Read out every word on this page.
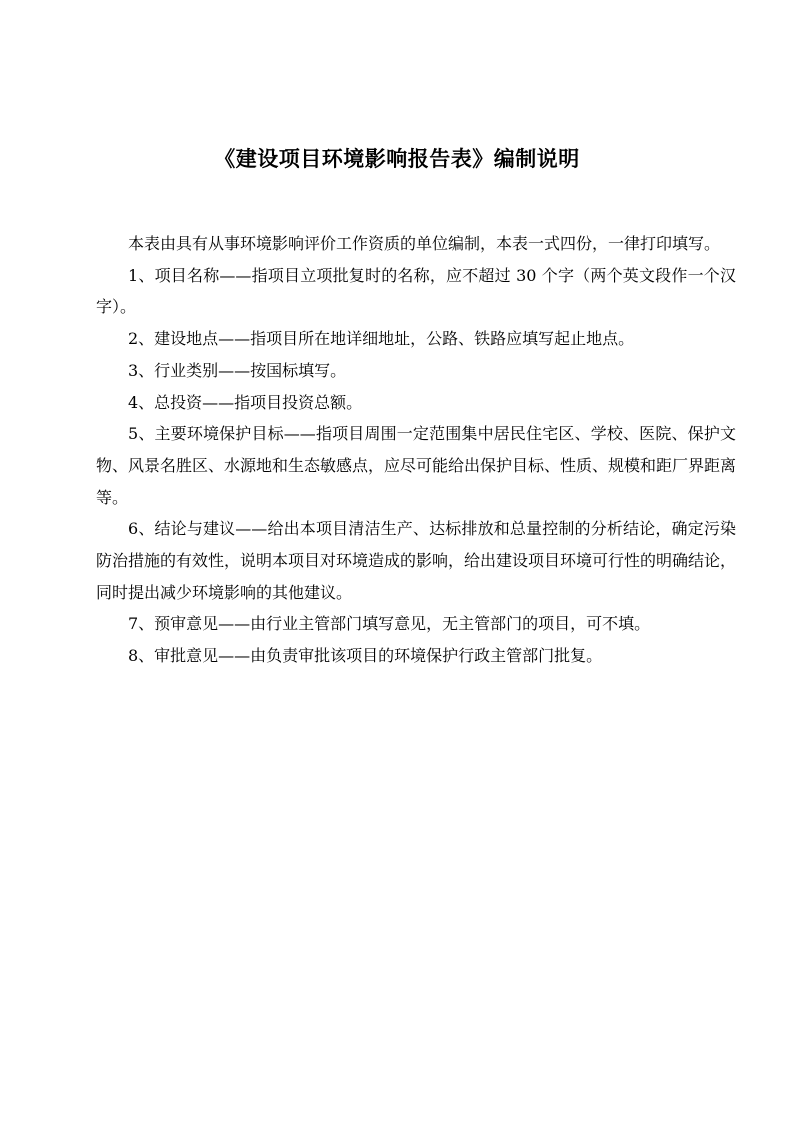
《建设项目环境影响报告表》编制说明

本表由具有从事环境影响评价工作资质的单位编制，本表一式四份，一律打印填写。

1、项目名称——指项目立项批复时的名称，应不超过 30 个字（两个英文段作一个汉字）。

2、建设地点——指项目所在地详细地址，公路、铁路应填写起止地点。

3、行业类别——按国标填写。

4、总投资——指项目投资总额。

5、主要环境保护目标——指项目周围一定范围集中居民住宅区、学校、医院、保护文物、风景名胜区、水源地和生态敏感点，应尽可能给出保护目标、性质、规模和距厂界距离等。

6、结论与建议——给出本项目清洁生产、达标排放和总量控制的分析结论，确定污染防治措施的有效性，说明本项目对环境造成的影响，给出建设项目环境可行性的明确结论，同时提出减少环境影响的其他建议。

7、预审意见——由行业主管部门填写意见，无主管部门的项目，可不填。

8、审批意见——由负责审批该项目的环境保护行政主管部门批复。
